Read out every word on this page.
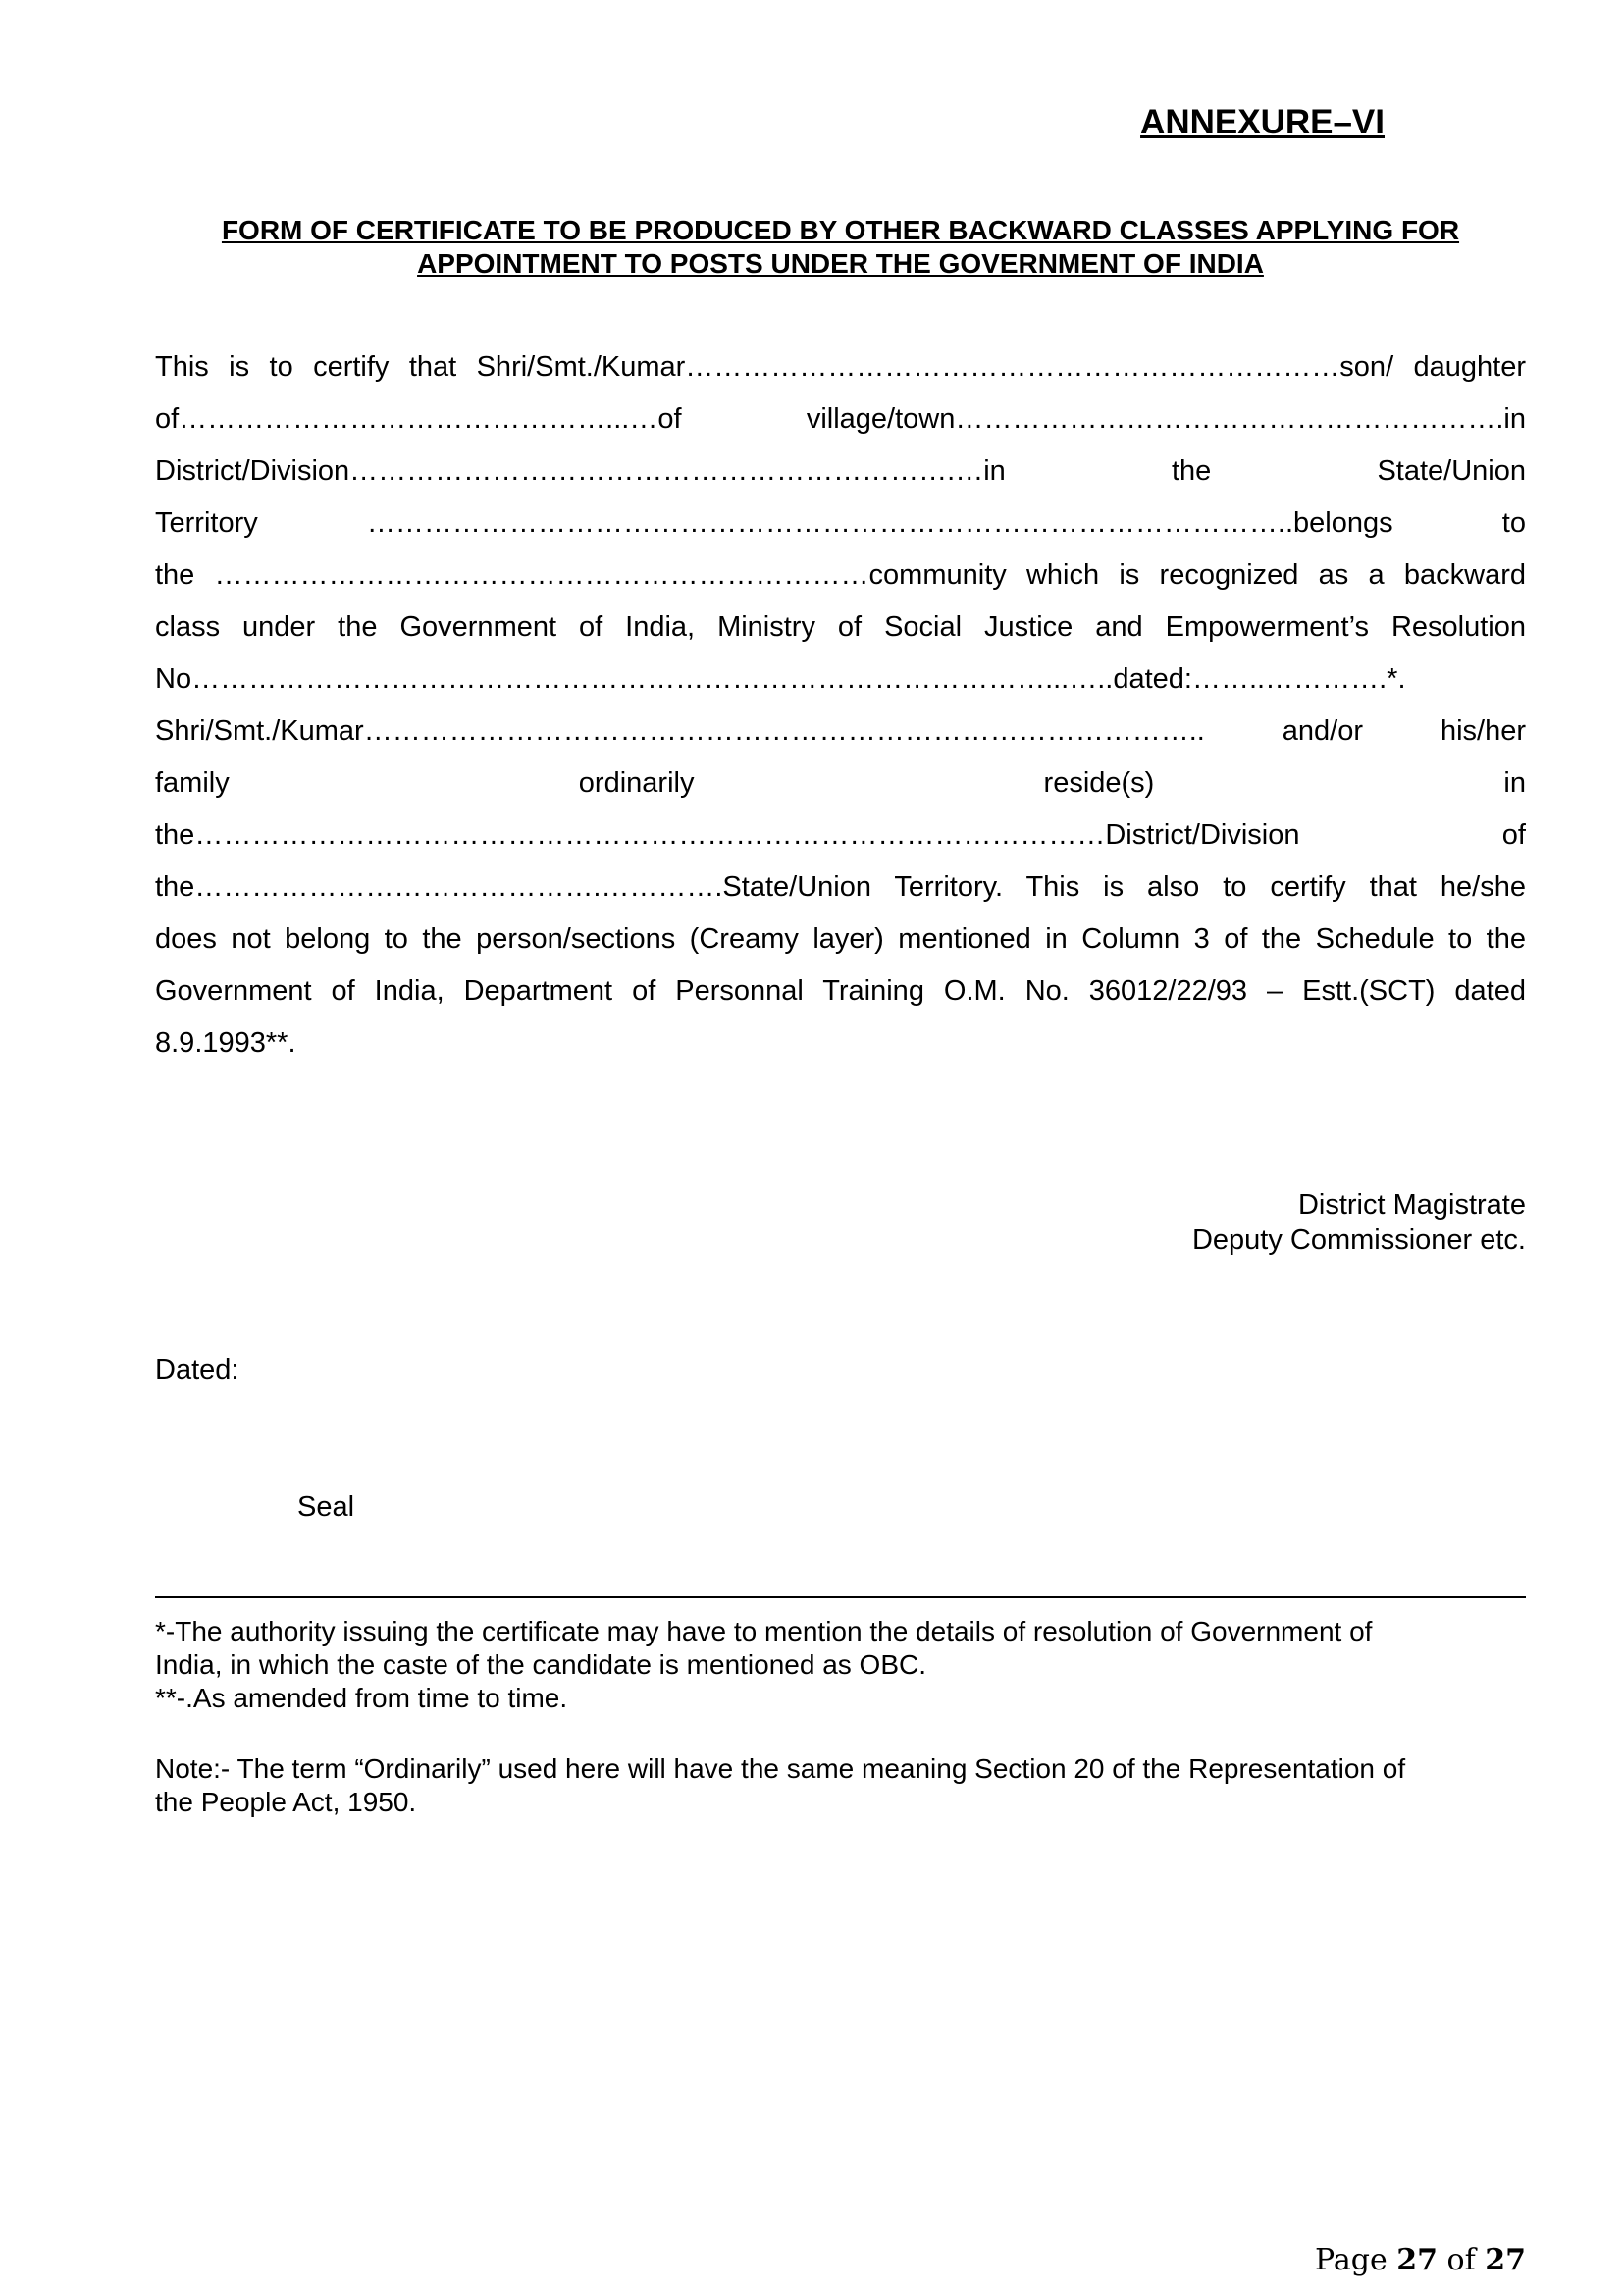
ANNEXURE–VI
FORM OF CERTIFICATE TO BE PRODUCED BY OTHER BACKWARD CLASSES APPLYING FOR
APPOINTMENT TO POSTS UNDER THE GOVERNMENT OF INDIA
This is to certify that Shri/Smt./Kumar……………………………………………………………son/ daughter
of………………………………………...…of village/town………………………………………………….in
District/Division……………………………………………………….…in the State/Union
Territory ……………………………………………………………………………………..belongs to
the ……………………………………………………………community which is recognized as a backward
class under the Government of India, Ministry of Social Justice and Empowerment’s Resolution
No………………………………………………………………………………...…..dated:……..………….*.
Shri/Smt./Kumar…………………………………………………………………………….. and/or his/her
family ordinarily reside(s) in
the……………………………………………………………………………………District/Division of
the…………………………………….………….State/Union Territory. This is also to certify that he/she
does not belong to the person/sections (Creamy layer) mentioned in Column 3 of the Schedule to the
Government of India, Department of Personnal Training O.M. No. 36012/22/93 – Estt.(SCT) dated
8.9.1993**.
District Magistrate
Deputy Commissioner etc.
Dated:
Seal
*-The authority issuing the certificate may have to mention the details of resolution of Government of
India, in which the caste of the candidate is mentioned as OBC.
**-.As amended from time to time.
Note:- The term “Ordinarily” used here will have the same meaning Section 20 of the Representation of
the People Act, 1950.
Page 27 of 27
